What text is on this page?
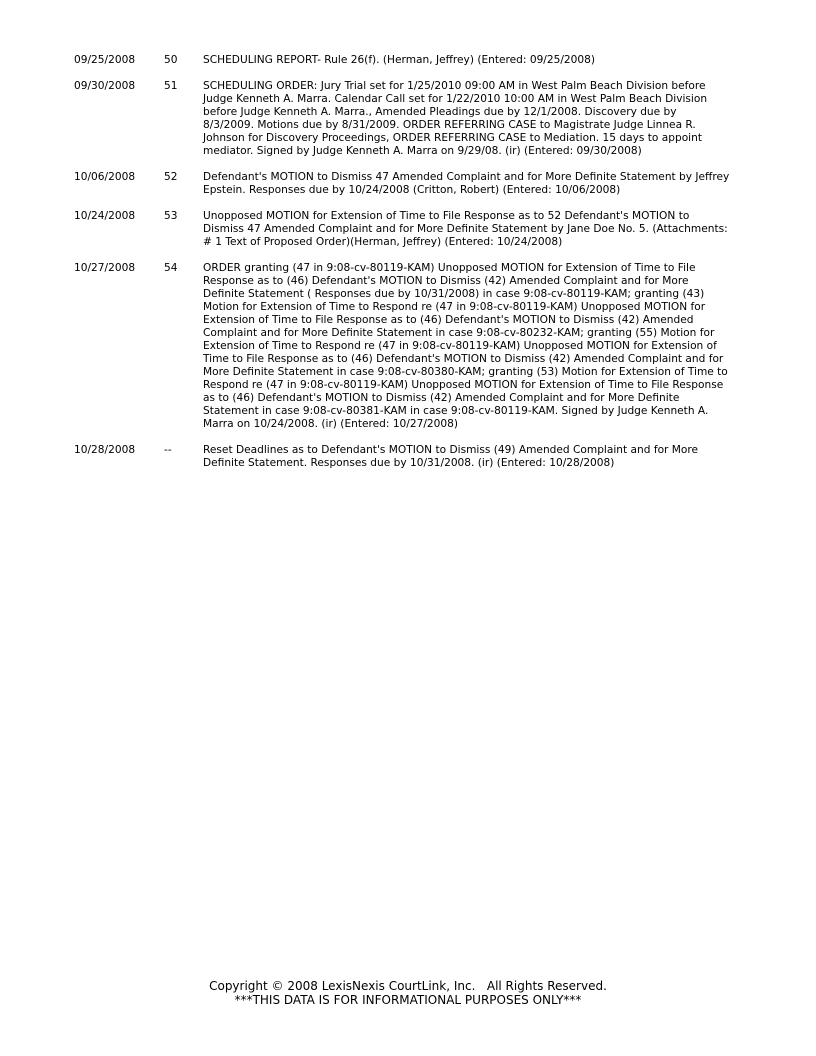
09/25/2008	50 SCHEDULING REPORT- Rule 26(f). (Herman, Jeffrey) (Entered: 09/25/2008)
09/30/2008	51 SCHEDULING ORDER: Jury Trial set for 1/25/2010 09:00 AM in West Palm Beach Division before
Judge Kenneth A. Marra. Calendar Call set for 1/22/2010 10:00 AM in West Palm Beach Division
before Judge Kenneth A. Marra., Amended Pleadings due by 12/1/2008. Discovery due by
8/3/2009. Motions due by 8/31/2009. ORDER REFERRING CASE to Magistrate Judge Linnea R.
Johnson for Discovery Proceedings, ORDER REFERRING CASE to Mediation. 15 days to appoint
mediator. Signed by Judge Kenneth A. Marra on 9/29/08. (ir) (Entered: 09/30/2008)
10/06/2008	52 Defendant's MOTION to Dismiss 47 Amended Complaint and for More Definite Statement by Jeffrey
Epstein. Responses due by 10/24/2008 (Critton, Robert) (Entered: 10/06/2008)
10/24/2008	53 Unopposed MOTION for Extension of Time to File Response as to 52 Defendant's MOTION to
Dismiss 47 Amended Complaint and for More Definite Statement by Jane Doe No. 5. (Attachments:
# 1 Text of Proposed Order)(Herman, Jeffrey) (Entered: 10/24/2008)
10/27/2008	54 ORDER granting (47 in 9:08-cv-80119-KAM) Unopposed MOTION for Extension of Time to File
Response as to (46) Defendant's MOTION to Dismiss (42) Amended Complaint and for More
Definite Statement ( Responses due by 10/31/2008) in case 9:08-cv-80119-KAM; granting (43)
Motion for Extension of Time to Respond re (47 in 9:08-cv-80119-KAM) Unopposed MOTION for
Extension of Time to File Response as to (46) Defendant's MOTION to Dismiss (42) Amended
Complaint and for More Definite Statement in case 9:08-cv-80232-KAM; granting (55) Motion for
Extension of Time to Respond re (47 in 9:08-cv-80119-KAM) Unopposed MOTION for Extension of
Time to File Response as to (46) Defendant's MOTION to Dismiss (42) Amended Complaint and for
More Definite Statement in case 9:08-cv-80380-KAM; granting (53) Motion for Extension of Time to
Respond re (47 in 9:08-cv-80119-KAM) Unopposed MOTION for Extension of Time to File Response
as to (46) Defendant's MOTION to Dismiss (42) Amended Complaint and for More Definite
Statement in case 9:08-cv-80381-KAM in case 9:08-cv-80119-KAM. Signed by Judge Kenneth A.
Marra on 10/24/2008. (ir) (Entered: 10/27/2008)
10/28/2008	--	Reset Deadlines as to Defendant's MOTION to Dismiss (49) Amended Complaint and for More
Definite Statement. Responses due by 10/31/2008. (ir) (Entered: 10/28/2008)
Copyright © 2008 LexisNexis CourtLink, Inc.   All Rights Reserved.
***THIS DATA IS FOR INFORMATIONAL PURPOSES ONLY***
